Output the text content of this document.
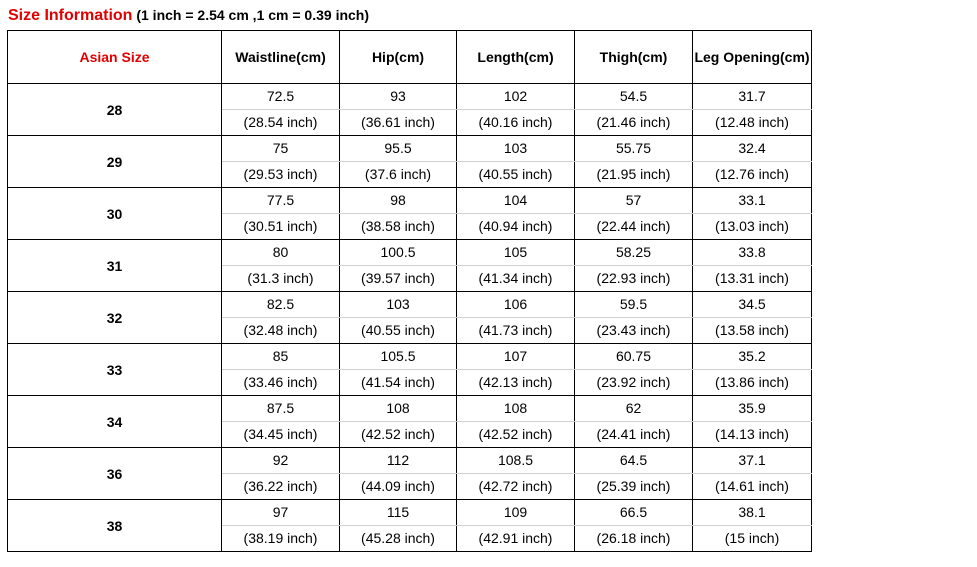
Size Information (1 inch = 2.54 cm ,1 cm = 0.39 inch)
Asian Size	Waistline(cm)	Hip(cm)	Length(cm)	Thigh(cm)	Leg Opening(cm)
28	72.5	93	102	54.5	31.7
	(28.54 inch)	(36.61 inch)	(40.16 inch)	(21.46 inch)	(12.48 inch)
29	75	95.5	103	55.75	32.4
	(29.53 inch)	(37.6 inch)	(40.55 inch)	(21.95 inch)	(12.76 inch)
30	77.5	98	104	57	33.1
	(30.51 inch)	(38.58 inch)	(40.94 inch)	(22.44 inch)	(13.03 inch)
31	80	100.5	105	58.25	33.8
	(31.3 inch)	(39.57 inch)	(41.34 inch)	(22.93 inch)	(13.31 inch)
32	82.5	103	106	59.5	34.5
	(32.48 inch)	(40.55 inch)	(41.73 inch)	(23.43 inch)	(13.58 inch)
33	85	105.5	107	60.75	35.2
	(33.46 inch)	(41.54 inch)	(42.13 inch)	(23.92 inch)	(13.86 inch)
34	87.5	108	108	62	35.9
	(34.45 inch)	(42.52 inch)	(42.52 inch)	(24.41 inch)	(14.13 inch)
36	92	112	108.5	64.5	37.1
	(36.22 inch)	(44.09 inch)	(42.72 inch)	(25.39 inch)	(14.61 inch)
38	97	115	109	66.5	38.1
	(38.19 inch)	(45.28 inch)	(42.91 inch)	(26.18 inch)	(15 inch)
